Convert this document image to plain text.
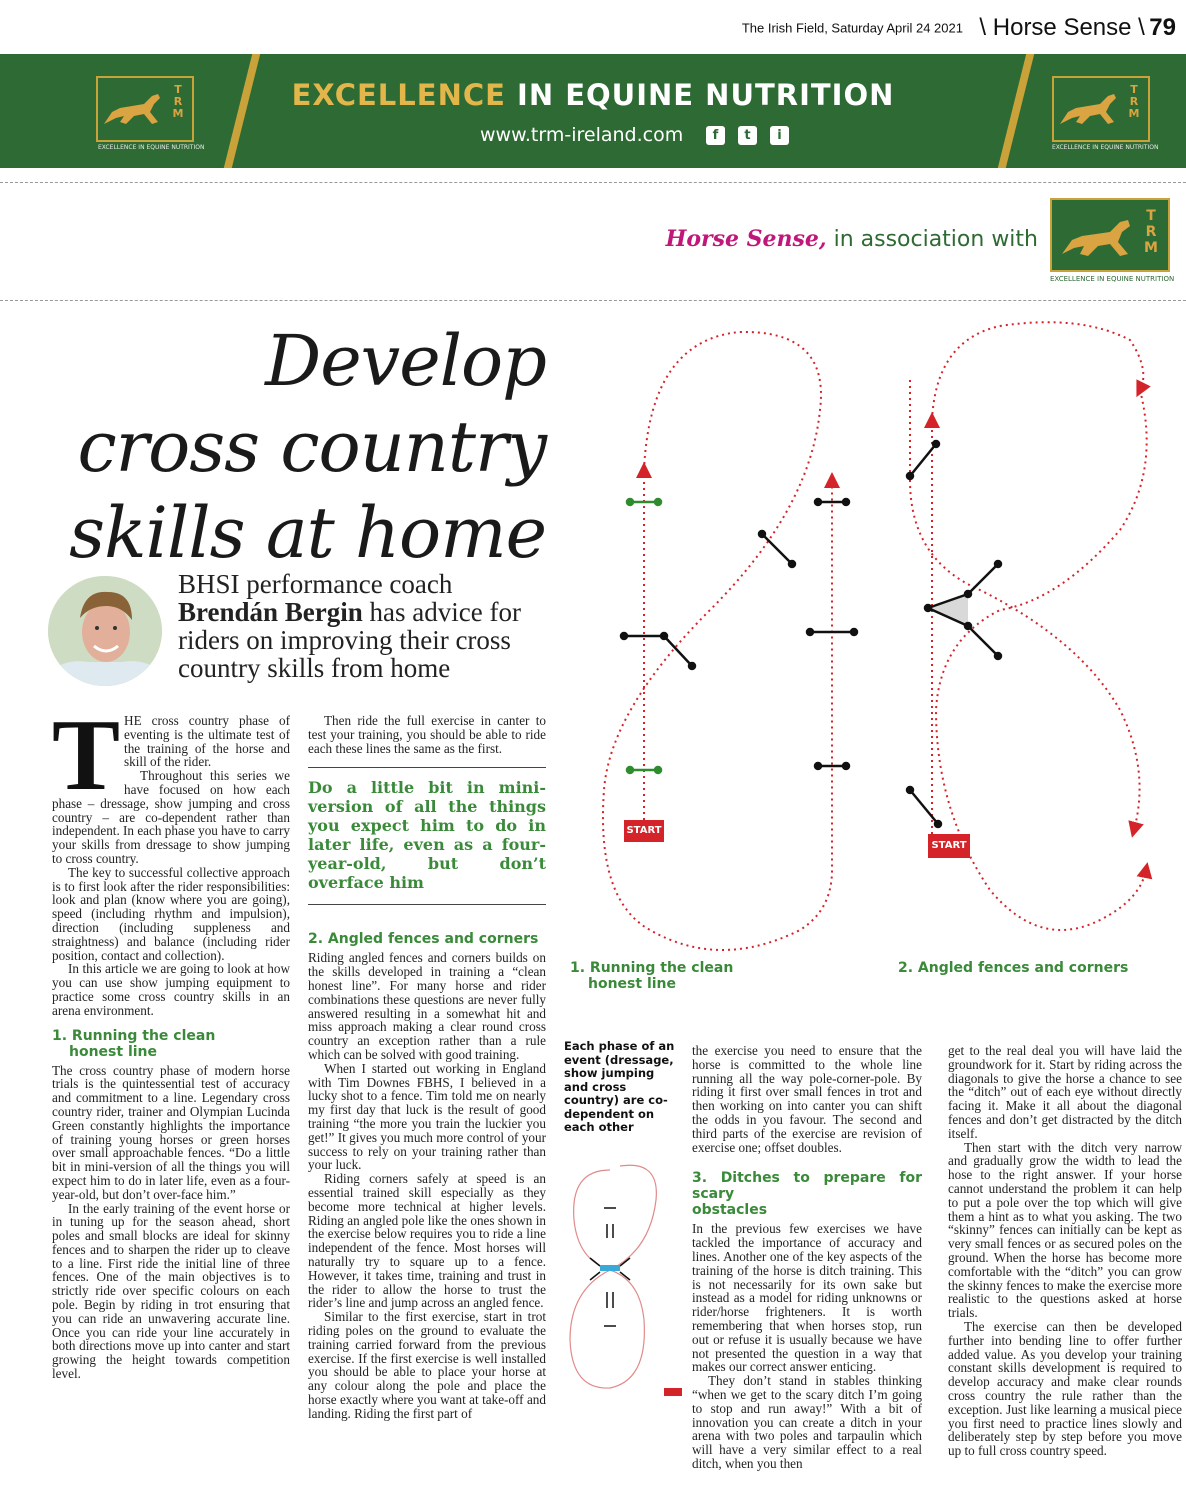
The Irish Field, Saturday April 24 2021 \ Horse Sense \ 79
EXCELLENCE IN EQUINE NUTRITION
T
R
M
EXCELLENCE IN EQUINE NUTRITION
www.trm-ireland.com	f	t	i
T
R
M
EXCELLENCE IN EQUINE NUTRITION
Horse Sense, in association with
T
R
M
EXCELLENCE IN EQUINE NUTRITION
Develop
cross country
skills at home
BHSI performance coach Brendán Bergin has advice for riders on improving their cross country skills from home
T HE cross country phase of eventing is the ultimate test of the training of the horse and skill of the rider.

Throughout this series we have focused on how each phase – dressage, show jumping and cross country – are co-dependent rather than independent. In each phase you have to carry your skills from dressage to show jumping to cross country.

The key to successful collective approach is to first look after the rider responsibilities: look and plan (know where you are going), speed (including rhythm and impulsion), direction (including suppleness and straightness) and balance (including rider position, contact and collection).

In this article we are going to look at how you can use show jumping equipment to practice some cross country skills in an arena environment.

1. Running the clean
honest line

The cross country phase of modern horse trials is the quintessential test of accuracy and commitment to a line. Legendary cross country rider, trainer and Olympian Lucinda Green constantly highlights the importance of training young horses or green horses over small approachable fences. “Do a little bit in mini-version of all the things you will expect him to do in later life, even as a four-year-old, but don’t over-face him.”

In the early training of the event horse or in tuning up for the season ahead, short poles and small blocks are ideal for skinny fences and to sharpen the rider up to cleave to a line. First ride the initial line of three fences. One of the main objectives is to strictly ride over specific colours on each pole. Begin by riding in trot ensuring that you can ride an unwavering accurate line. Once you can ride your line accurately in both directions move up into canter and start growing the height towards competition level.

Then ride the full exercise in canter to test your training, you should be able to ride each these lines the same as the first.

Do a little bit in mini-version of all the things you expect him to do in later life, even as a four-year-old, but don’t overface him
2. Angled fences and corners

Riding angled fences and corners builds on the skills developed in training a “clean honest line”. For many horse and rider combinations these questions are never fully answered resulting in a somewhat hit and miss approach making a clear round cross country an exception rather than a rule which can be solved with good training.

When I started out working in England with Tim Downes FBHS, I believed in a lucky shot to a fence. Tim told me on nearly my first day that luck is the result of good training “the more you train the luckier you get!” It gives you much more control of your success to rely on your training rather than your luck.

Riding corners safely at speed is an essential trained skill especially as they become more technical at higher levels. Riding an angled pole like the ones shown in the exercise below requires you to ride a line independent of the fence. Most horses will naturally try to square up to a fence. However, it takes time, training and trust in the rider to allow the horse to trust the rider’s line and jump across an angled fence.

Similar to the first exercise, start in trot riding poles on the ground to evaluate the training carried forward from the previous exercise. If the first exercise is well installed you should be able to place your horse at any colour along the pole and place the horse exactly where you want at take-off and landing. Riding the first part of

START
START
1. Running the clean
honest line
2. Angled fences and corners
Each phase of an event (dressage, show jumping and cross country) are co-dependent on each other

the exercise you need to ensure that the horse is committed to the whole line running all the way pole-corner-pole. By riding it first over small fences in trot and then working on into canter you can shift the odds in you favour. The second and third parts of the exercise are revision of exercise one; offset doubles.

3. Ditches to prepare for scary
obstacles

In the previous few exercises we have tackled the importance of accuracy and lines. Another one of the key aspects of the training of the horse is ditch training. This is not necessarily for its own sake but instead as a model for riding unknowns or rider/horse frighteners. It is worth remembering that when horses stop, run out or refuse it is usually because we have not presented the question in a way that makes our correct answer enticing.

They don’t stand in stables thinking “when we get to the scary ditch I’m going to stop and run away!” With a bit of innovation you can create a ditch in your arena with two poles and tarpaulin which will have a very similar effect to a real ditch, when you then

get to the real deal you will have laid the groundwork for it. Start by riding across the diagonals to give the horse a chance to see the “ditch” out of each eye without directly facing it. Make it all about the diagonal fences and don’t get distracted by the ditch itself.

Then start with the ditch very narrow and gradually grow the width to lead the hose to the right answer. If your horse cannot understand the problem it can help to put a pole over the top which will give them a hint as to what you asking. The two “skinny” fences can initially can be kept as very small fences or as secured poles on the ground. When the horse has become more comfortable with the “ditch” you can grow the skinny fences to make the exercise more realistic to the questions asked at horse trials.

The exercise can then be developed further into bending line to offer further added value. As you develop your training constant skills development is required to develop accuracy and make clear rounds cross country the rule rather than the exception. Just like learning a musical piece you first need to practice lines slowly and deliberately step by step before you move up to full cross country speed.
